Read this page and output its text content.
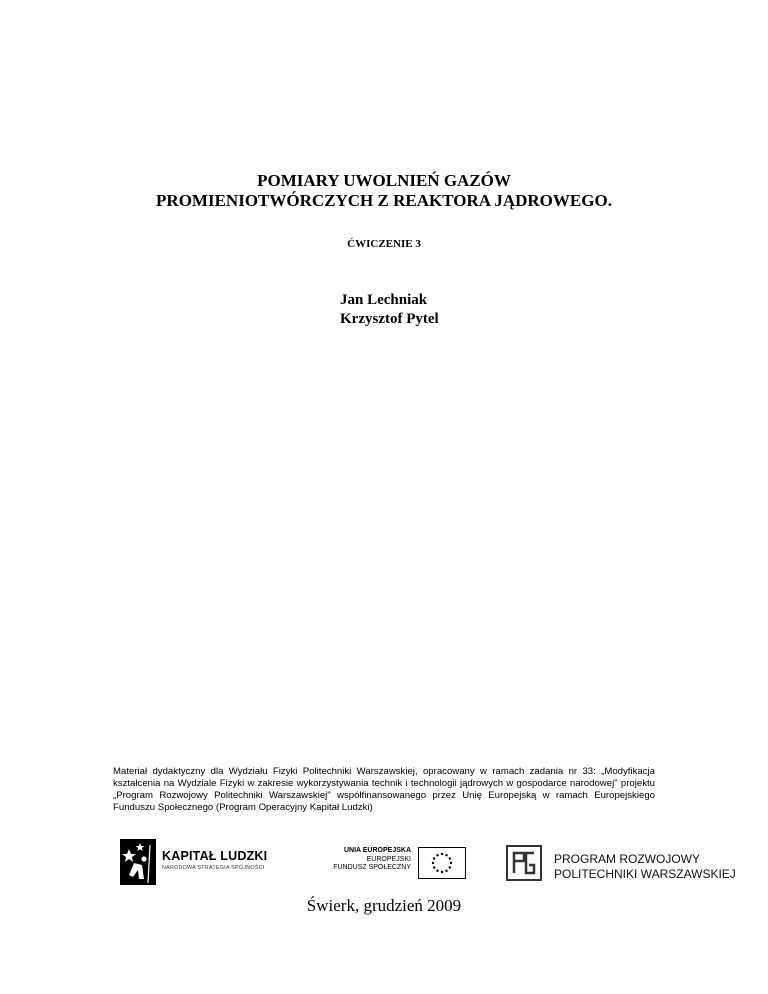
POMIARY UWOLNIEŃ GAZÓW
PROMIENIOTWÓRCZYCH Z REAKTORA JĄDROWEGO.
ĆWICZENIE 3
Jan Lechniak
Krzysztof Pytel
Materiał dydaktyczny dla Wydziału Fizyki Politechniki Warszawskiej, opracowany w ramach zadania nr 33: „Modyfikacja kształcenia na Wydziale Fizyki w zakresie wykorzystywania technik i technologii jądrowych w gospodarce narodowej" projektu „Program Rozwojowy Politechniki Warszawskiej" współfinansowanego przez Unię Europejską w ramach Europejskiego Funduszu Społecznego (Program Operacyjny Kapitał Ludzki)
KAPITAŁ LUDZKI
NARODOWA STRATEGIA SPÓJNOŚCI
UNIA EUROPEJSKA
EUROPEJSKI
FUNDUSZ SPOŁECZNY
PROGRAM ROZWOJOWY
POLITECHNIKI WARSZAWSKIEJ
Świerk, grudzień 2009
